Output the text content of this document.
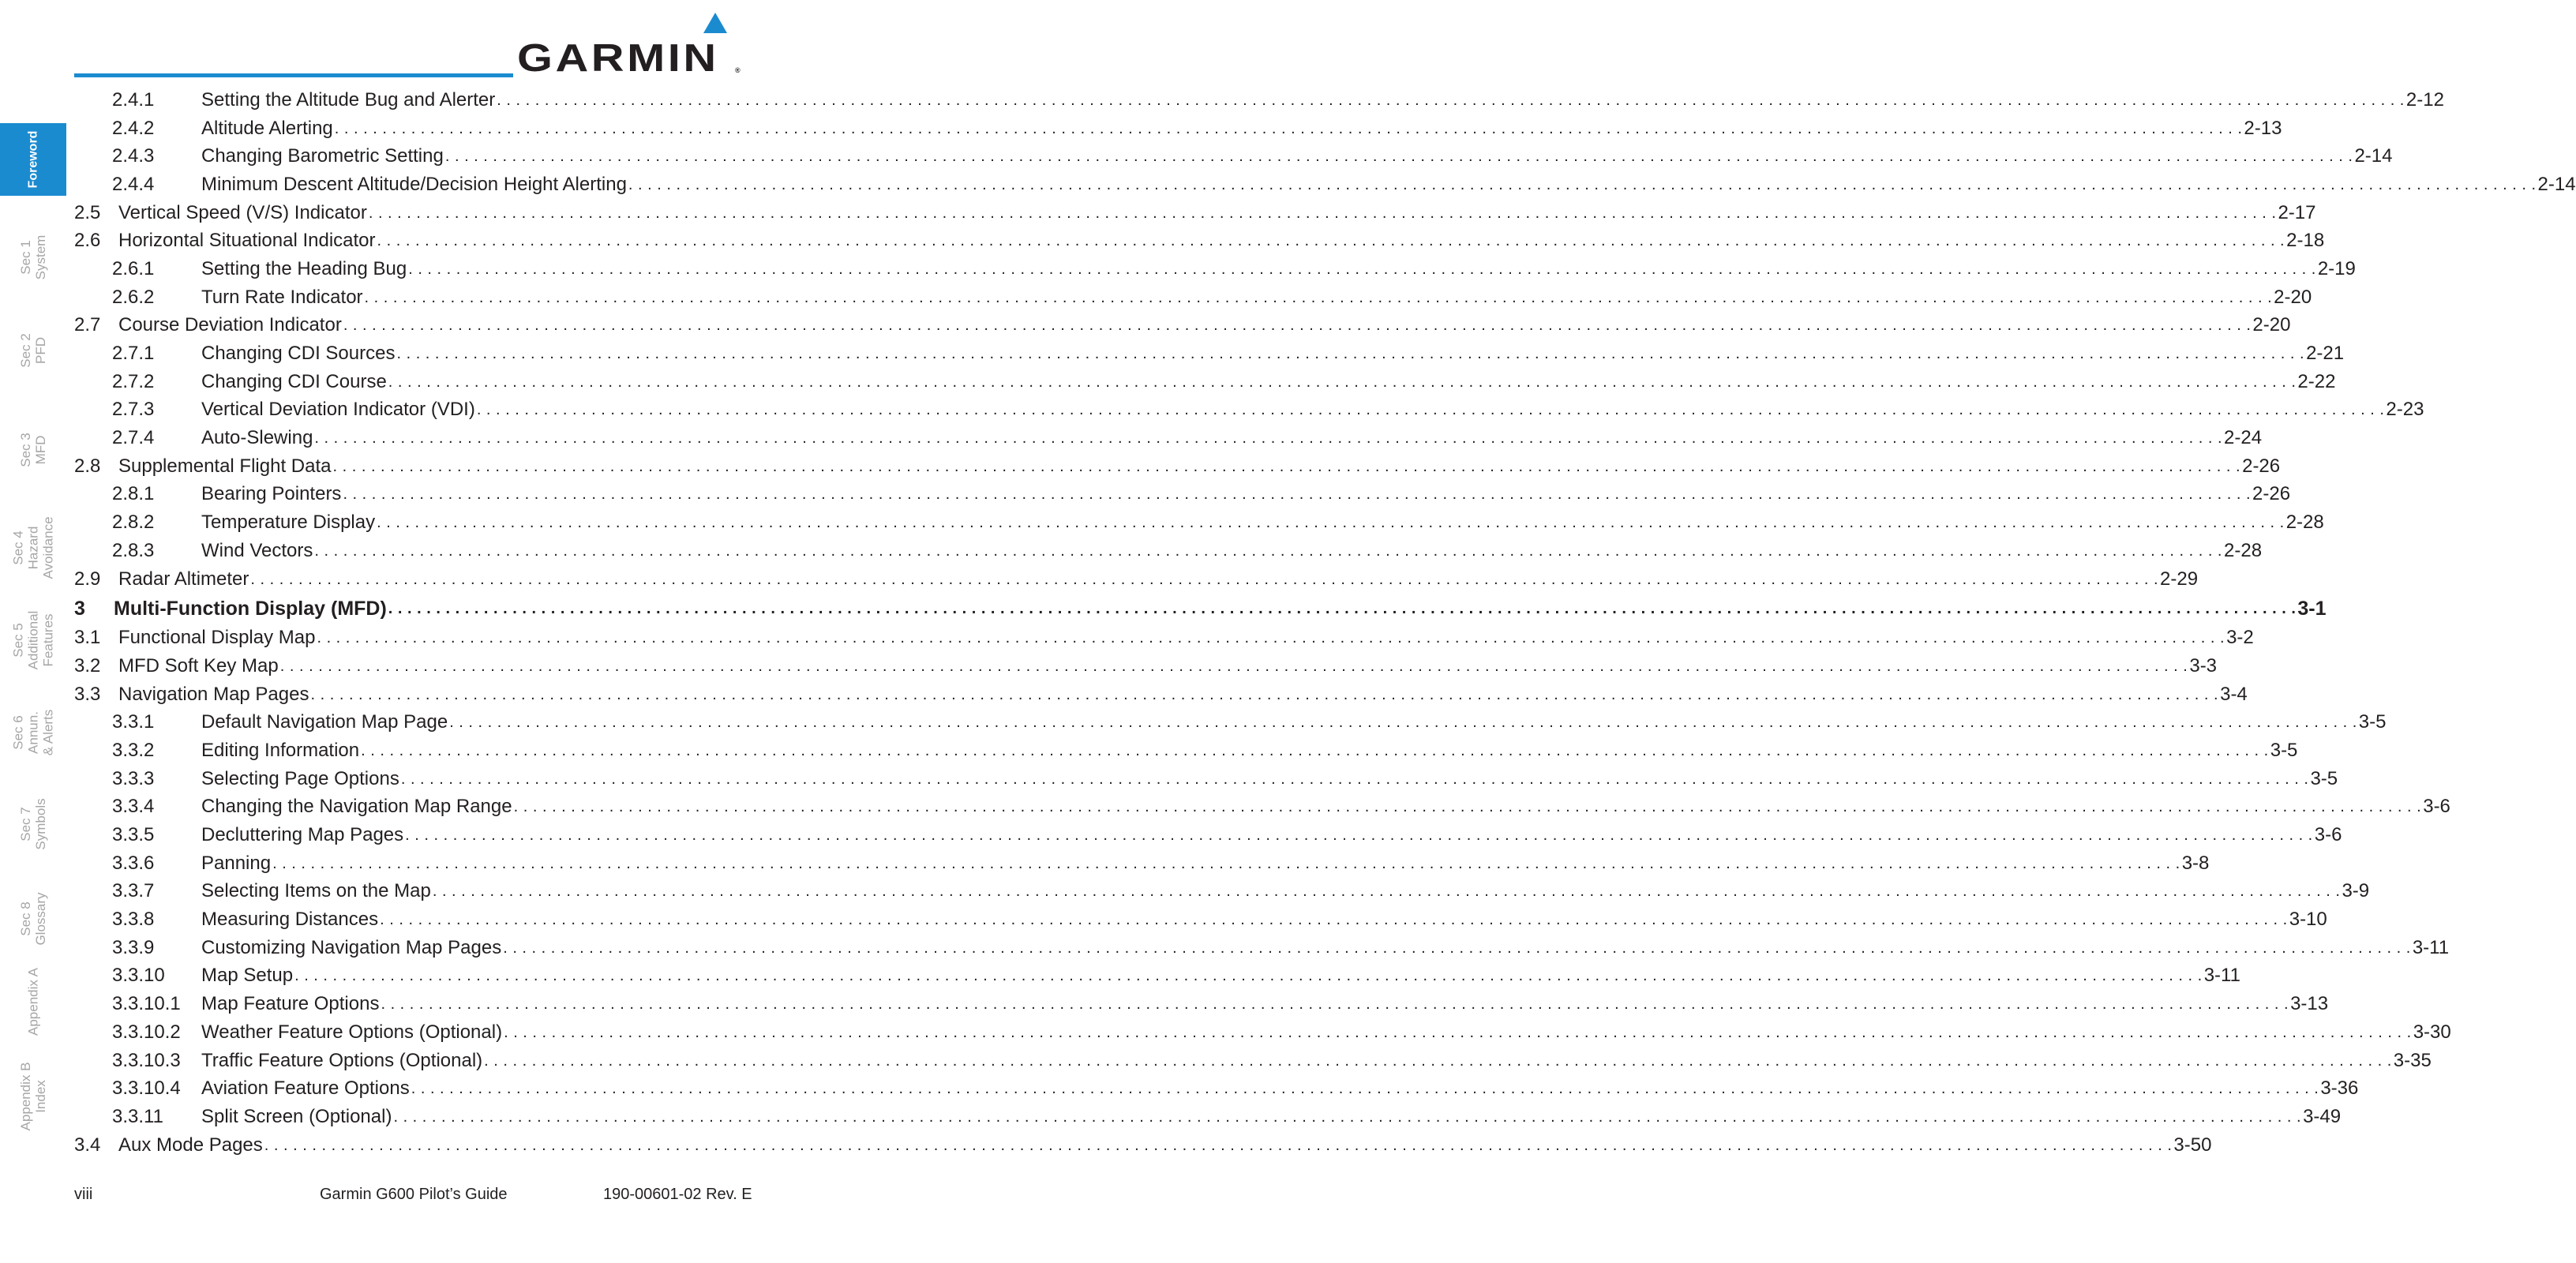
GARMIN ®
Foreword
Sec 1
System
Sec 2
PFD
Sec 3
MFD
Sec 4
Hazard
Avoidance
Sec 5
Additional
Features
Sec 6
Annun.
& Alerts
Sec 7
Symbols
Sec 8
Glossary
Appendix A
Appendix B
Index
2.4.1	Setting the Altitude Bug and Alerter . . . . . . . . . . . . . . . . . . . . . . . . . . . . . . . . . . . . . . . . . . . . . . . . . . . . . . . . . . . . . . . . . . . . . . . . . . . . . . . . . . . . . . . . . . . . . . . . . . . . . . . . . . . . . . . . . . . . . . . . . . . . . . . . . . . . . . . . . . . . . . . . . . . . . . . . . . . . . . . . . . . . . . . . . . . . . . . . . . . . . . . . . . . . . . . . . . . . . . . . 2-12
2.4.2	Altitude Alerting . . . . . . . . . . . . . . . . . . . . . . . . . . . . . . . . . . . . . . . . . . . . . . . . . . . . . . . . . . . . . . . . . . . . . . . . . . . . . . . . . . . . . . . . . . . . . . . . . . . . . . . . . . . . . . . . . . . . . . . . . . . . . . . . . . . . . . . . . . . . . . . . . . . . . . . . . . . . . . . . . . . . . . . . . . . . . . . . . . . . . . . . . . . . . . . . . . . . . . . . 2-13
2.4.3	Changing Barometric Setting . . . . . . . . . . . . . . . . . . . . . . . . . . . . . . . . . . . . . . . . . . . . . . . . . . . . . . . . . . . . . . . . . . . . . . . . . . . . . . . . . . . . . . . . . . . . . . . . . . . . . . . . . . . . . . . . . . . . . . . . . . . . . . . . . . . . . . . . . . . . . . . . . . . . . . . . . . . . . . . . . . . . . . . . . . . . . . . . . . . . . . . . . . . . . . . . . . . . . . . . 2-14
2.4.4	Minimum Descent Altitude/Decision Height Alerting . . . . . . . . . . . . . . . . . . . . . . . . . . . . . . . . . . . . . . . . . . . . . . . . . . . . . . . . . . . . . . . . . . . . . . . . . . . . . . . . . . . . . . . . . . . . . . . . . . . . . . . . . . . . . . . . . . . . . . . . . . . . . . . . . . . . . . . . . . . . . . . . . . . . . . . . . . . . . . . . . . . . . . . . . . . . . . . . . . . . . . . . . . . . . . . . . . . . . . . . 2-14
2.5 Vertical Speed (V/S) Indicator . . . . . . . . . . . . . . . . . . . . . . . . . . . . . . . . . . . . . . . . . . . . . . . . . . . . . . . . . . . . . . . . . . . . . . . . . . . . . . . . . . . . . . . . . . . . . . . . . . . . . . . . . . . . . . . . . . . . . . . . . . . . . . . . . . . . . . . . . . . . . . . . . . . . . . . . . . . . . . . . . . . . . . . . . . . . . . . . . . . . . . . . . . . . . . . . . . . . . . . . 2-17
2.6 Horizontal Situational Indicator . . . . . . . . . . . . . . . . . . . . . . . . . . . . . . . . . . . . . . . . . . . . . . . . . . . . . . . . . . . . . . . . . . . . . . . . . . . . . . . . . . . . . . . . . . . . . . . . . . . . . . . . . . . . . . . . . . . . . . . . . . . . . . . . . . . . . . . . . . . . . . . . . . . . . . . . . . . . . . . . . . . . . . . . . . . . . . . . . . . . . . . . . . . . . . . . . . . . . . . . 2-18
2.6.1	Setting the Heading Bug . . . . . . . . . . . . . . . . . . . . . . . . . . . . . . . . . . . . . . . . . . . . . . . . . . . . . . . . . . . . . . . . . . . . . . . . . . . . . . . . . . . . . . . . . . . . . . . . . . . . . . . . . . . . . . . . . . . . . . . . . . . . . . . . . . . . . . . . . . . . . . . . . . . . . . . . . . . . . . . . . . . . . . . . . . . . . . . . . . . . . . . . . . . . . . . . . . . . . . . . 2-19
2.6.2	Turn Rate Indicator . . . . . . . . . . . . . . . . . . . . . . . . . . . . . . . . . . . . . . . . . . . . . . . . . . . . . . . . . . . . . . . . . . . . . . . . . . . . . . . . . . . . . . . . . . . . . . . . . . . . . . . . . . . . . . . . . . . . . . . . . . . . . . . . . . . . . . . . . . . . . . . . . . . . . . . . . . . . . . . . . . . . . . . . . . . . . . . . . . . . . . . . . . . . . . . . . . . . . . . . 2-20
2.7 Course Deviation Indicator . . . . . . . . . . . . . . . . . . . . . . . . . . . . . . . . . . . . . . . . . . . . . . . . . . . . . . . . . . . . . . . . . . . . . . . . . . . . . . . . . . . . . . . . . . . . . . . . . . . . . . . . . . . . . . . . . . . . . . . . . . . . . . . . . . . . . . . . . . . . . . . . . . . . . . . . . . . . . . . . . . . . . . . . . . . . . . . . . . . . . . . . . . . . . . . . . . . . . . . . 2-20
2.7.1	Changing CDI Sources . . . . . . . . . . . . . . . . . . . . . . . . . . . . . . . . . . . . . . . . . . . . . . . . . . . . . . . . . . . . . . . . . . . . . . . . . . . . . . . . . . . . . . . . . . . . . . . . . . . . . . . . . . . . . . . . . . . . . . . . . . . . . . . . . . . . . . . . . . . . . . . . . . . . . . . . . . . . . . . . . . . . . . . . . . . . . . . . . . . . . . . . . . . . . . . . . . . . . . . . 2-21
2.7.2	Changing CDI Course . . . . . . . . . . . . . . . . . . . . . . . . . . . . . . . . . . . . . . . . . . . . . . . . . . . . . . . . . . . . . . . . . . . . . . . . . . . . . . . . . . . . . . . . . . . . . . . . . . . . . . . . . . . . . . . . . . . . . . . . . . . . . . . . . . . . . . . . . . . . . . . . . . . . . . . . . . . . . . . . . . . . . . . . . . . . . . . . . . . . . . . . . . . . . . . . . . . . . . . . 2-22
2.7.3	Vertical Deviation Indicator (VDI) . . . . . . . . . . . . . . . . . . . . . . . . . . . . . . . . . . . . . . . . . . . . . . . . . . . . . . . . . . . . . . . . . . . . . . . . . . . . . . . . . . . . . . . . . . . . . . . . . . . . . . . . . . . . . . . . . . . . . . . . . . . . . . . . . . . . . . . . . . . . . . . . . . . . . . . . . . . . . . . . . . . . . . . . . . . . . . . . . . . . . . . . . . . . . . . . . . . . . . . . 2-23
2.7.4	Auto-Slewing . . . . . . . . . . . . . . . . . . . . . . . . . . . . . . . . . . . . . . . . . . . . . . . . . . . . . . . . . . . . . . . . . . . . . . . . . . . . . . . . . . . . . . . . . . . . . . . . . . . . . . . . . . . . . . . . . . . . . . . . . . . . . . . . . . . . . . . . . . . . . . . . . . . . . . . . . . . . . . . . . . . . . . . . . . . . . . . . . . . . . . . . . . . . . . . . . . . . . . . . 2-24
2.8 Supplemental Flight Data . . . . . . . . . . . . . . . . . . . . . . . . . . . . . . . . . . . . . . . . . . . . . . . . . . . . . . . . . . . . . . . . . . . . . . . . . . . . . . . . . . . . . . . . . . . . . . . . . . . . . . . . . . . . . . . . . . . . . . . . . . . . . . . . . . . . . . . . . . . . . . . . . . . . . . . . . . . . . . . . . . . . . . . . . . . . . . . . . . . . . . . . . . . . . . . . . . . . . . . . 2-26
2.8.1	Bearing Pointers . . . . . . . . . . . . . . . . . . . . . . . . . . . . . . . . . . . . . . . . . . . . . . . . . . . . . . . . . . . . . . . . . . . . . . . . . . . . . . . . . . . . . . . . . . . . . . . . . . . . . . . . . . . . . . . . . . . . . . . . . . . . . . . . . . . . . . . . . . . . . . . . . . . . . . . . . . . . . . . . . . . . . . . . . . . . . . . . . . . . . . . . . . . . . . . . . . . . . . . . 2-26
2.8.2	Temperature Display . . . . . . . . . . . . . . . . . . . . . . . . . . . . . . . . . . . . . . . . . . . . . . . . . . . . . . . . . . . . . . . . . . . . . . . . . . . . . . . . . . . . . . . . . . . . . . . . . . . . . . . . . . . . . . . . . . . . . . . . . . . . . . . . . . . . . . . . . . . . . . . . . . . . . . . . . . . . . . . . . . . . . . . . . . . . . . . . . . . . . . . . . . . . . . . . . . . . . . . . 2-28
2.8.3	Wind Vectors . . . . . . . . . . . . . . . . . . . . . . . . . . . . . . . . . . . . . . . . . . . . . . . . . . . . . . . . . . . . . . . . . . . . . . . . . . . . . . . . . . . . . . . . . . . . . . . . . . . . . . . . . . . . . . . . . . . . . . . . . . . . . . . . . . . . . . . . . . . . . . . . . . . . . . . . . . . . . . . . . . . . . . . . . . . . . . . . . . . . . . . . . . . . . . . . . . . . . . . . 2-28
2.9 Radar Altimeter . . . . . . . . . . . . . . . . . . . . . . . . . . . . . . . . . . . . . . . . . . . . . . . . . . . . . . . . . . . . . . . . . . . . . . . . . . . . . . . . . . . . . . . . . . . . . . . . . . . . . . . . . . . . . . . . . . . . . . . . . . . . . . . . . . . . . . . . . . . . . . . . . . . . . . . . . . . . . . . . . . . . . . . . . . . . . . . . . . . . . . . . . . . . . . . . . . . . . . . . 2-29
3	Multi-Function Display (MFD) . . . . . . . . . . . . . . . . . . . . . . . . . . . . . . . . . . . . . . . . . . . . . . . . . . . . . . . . . . . . . . . . . . . . . . . . . . . . . . . . . . . . . . . . . . . . . . . . . . . . . . . . . . . . . . . . . . . . . . . . . . . . . . . . . . . . . . . . . . . . . . . . . . . . . . . . . . . . . . . . . . . . . . . . . . . . . . . . . . . . . . . . . . . . . . . . . . . . . . . . 3-1
3.1 Functional Display Map . . . . . . . . . . . . . . . . . . . . . . . . . . . . . . . . . . . . . . . . . . . . . . . . . . . . . . . . . . . . . . . . . . . . . . . . . . . . . . . . . . . . . . . . . . . . . . . . . . . . . . . . . . . . . . . . . . . . . . . . . . . . . . . . . . . . . . . . . . . . . . . . . . . . . . . . . . . . . . . . . . . . . . . . . . . . . . . . . . . . . . . . . . . . . . . . . . . . . . . . 3-2
3.2 MFD Soft Key Map . . . . . . . . . . . . . . . . . . . . . . . . . . . . . . . . . . . . . . . . . . . . . . . . . . . . . . . . . . . . . . . . . . . . . . . . . . . . . . . . . . . . . . . . . . . . . . . . . . . . . . . . . . . . . . . . . . . . . . . . . . . . . . . . . . . . . . . . . . . . . . . . . . . . . . . . . . . . . . . . . . . . . . . . . . . . . . . . . . . . . . . . . . . . . . . . . . . . . . . . 3-3
3.3 Navigation Map Pages . . . . . . . . . . . . . . . . . . . . . . . . . . . . . . . . . . . . . . . . . . . . . . . . . . . . . . . . . . . . . . . . . . . . . . . . . . . . . . . . . . . . . . . . . . . . . . . . . . . . . . . . . . . . . . . . . . . . . . . . . . . . . . . . . . . . . . . . . . . . . . . . . . . . . . . . . . . . . . . . . . . . . . . . . . . . . . . . . . . . . . . . . . . . . . . . . . . . . . . . 3-4
3.3.1	Default Navigation Map Page . . . . . . . . . . . . . . . . . . . . . . . . . . . . . . . . . . . . . . . . . . . . . . . . . . . . . . . . . . . . . . . . . . . . . . . . . . . . . . . . . . . . . . . . . . . . . . . . . . . . . . . . . . . . . . . . . . . . . . . . . . . . . . . . . . . . . . . . . . . . . . . . . . . . . . . . . . . . . . . . . . . . . . . . . . . . . . . . . . . . . . . . . . . . . . . . . . . . . . . . 3-5
3.3.2	Editing Information . . . . . . . . . . . . . . . . . . . . . . . . . . . . . . . . . . . . . . . . . . . . . . . . . . . . . . . . . . . . . . . . . . . . . . . . . . . . . . . . . . . . . . . . . . . . . . . . . . . . . . . . . . . . . . . . . . . . . . . . . . . . . . . . . . . . . . . . . . . . . . . . . . . . . . . . . . . . . . . . . . . . . . . . . . . . . . . . . . . . . . . . . . . . . . . . . . . . . . . . 3-5
3.3.3	Selecting Page Options . . . . . . . . . . . . . . . . . . . . . . . . . . . . . . . . . . . . . . . . . . . . . . . . . . . . . . . . . . . . . . . . . . . . . . . . . . . . . . . . . . . . . . . . . . . . . . . . . . . . . . . . . . . . . . . . . . . . . . . . . . . . . . . . . . . . . . . . . . . . . . . . . . . . . . . . . . . . . . . . . . . . . . . . . . . . . . . . . . . . . . . . . . . . . . . . . . . . . . . . 3-5
3.3.4	Changing the Navigation Map Range . . . . . . . . . . . . . . . . . . . . . . . . . . . . . . . . . . . . . . . . . . . . . . . . . . . . . . . . . . . . . . . . . . . . . . . . . . . . . . . . . . . . . . . . . . . . . . . . . . . . . . . . . . . . . . . . . . . . . . . . . . . . . . . . . . . . . . . . . . . . . . . . . . . . . . . . . . . . . . . . . . . . . . . . . . . . . . . . . . . . . . . . . . . . . . . . . . . . . . . . 3-6
3.3.5	Decluttering Map Pages . . . . . . . . . . . . . . . . . . . . . . . . . . . . . . . . . . . . . . . . . . . . . . . . . . . . . . . . . . . . . . . . . . . . . . . . . . . . . . . . . . . . . . . . . . . . . . . . . . . . . . . . . . . . . . . . . . . . . . . . . . . . . . . . . . . . . . . . . . . . . . . . . . . . . . . . . . . . . . . . . . . . . . . . . . . . . . . . . . . . . . . . . . . . . . . . . . . . . . . . 3-6
3.3.6	Panning . . . . . . . . . . . . . . . . . . . . . . . . . . . . . . . . . . . . . . . . . . . . . . . . . . . . . . . . . . . . . . . . . . . . . . . . . . . . . . . . . . . . . . . . . . . . . . . . . . . . . . . . . . . . . . . . . . . . . . . . . . . . . . . . . . . . . . . . . . . . . . . . . . . . . . . . . . . . . . . . . . . . . . . . . . . . . . . . . . . . . . . . . . . . . . . . . . . . . . . . 3-8
3.3.7	Selecting Items on the Map . . . . . . . . . . . . . . . . . . . . . . . . . . . . . . . . . . . . . . . . . . . . . . . . . . . . . . . . . . . . . . . . . . . . . . . . . . . . . . . . . . . . . . . . . . . . . . . . . . . . . . . . . . . . . . . . . . . . . . . . . . . . . . . . . . . . . . . . . . . . . . . . . . . . . . . . . . . . . . . . . . . . . . . . . . . . . . . . . . . . . . . . . . . . . . . . . . . . . . . . 3-9
3.3.8	Measuring Distances . . . . . . . . . . . . . . . . . . . . . . . . . . . . . . . . . . . . . . . . . . . . . . . . . . . . . . . . . . . . . . . . . . . . . . . . . . . . . . . . . . . . . . . . . . . . . . . . . . . . . . . . . . . . . . . . . . . . . . . . . . . . . . . . . . . . . . . . . . . . . . . . . . . . . . . . . . . . . . . . . . . . . . . . . . . . . . . . . . . . . . . . . . . . . . . . . . . . . . . . 3-10
3.3.9	Customizing Navigation Map Pages . . . . . . . . . . . . . . . . . . . . . . . . . . . . . . . . . . . . . . . . . . . . . . . . . . . . . . . . . . . . . . . . . . . . . . . . . . . . . . . . . . . . . . . . . . . . . . . . . . . . . . . . . . . . . . . . . . . . . . . . . . . . . . . . . . . . . . . . . . . . . . . . . . . . . . . . . . . . . . . . . . . . . . . . . . . . . . . . . . . . . . . . . . . . . . . . . . . . . . . . 3-11
3.3.10	Map Setup . . . . . . . . . . . . . . . . . . . . . . . . . . . . . . . . . . . . . . . . . . . . . . . . . . . . . . . . . . . . . . . . . . . . . . . . . . . . . . . . . . . . . . . . . . . . . . . . . . . . . . . . . . . . . . . . . . . . . . . . . . . . . . . . . . . . . . . . . . . . . . . . . . . . . . . . . . . . . . . . . . . . . . . . . . . . . . . . . . . . . . . . . . . . . . . . . . . . . . . . 3-11
3.3.10.1	Map Feature Options . . . . . . . . . . . . . . . . . . . . . . . . . . . . . . . . . . . . . . . . . . . . . . . . . . . . . . . . . . . . . . . . . . . . . . . . . . . . . . . . . . . . . . . . . . . . . . . . . . . . . . . . . . . . . . . . . . . . . . . . . . . . . . . . . . . . . . . . . . . . . . . . . . . . . . . . . . . . . . . . . . . . . . . . . . . . . . . . . . . . . . . . . . . . . . . . . . . . . . . . 3-13
3.3.10.2	Weather Feature Options (Optional) . . . . . . . . . . . . . . . . . . . . . . . . . . . . . . . . . . . . . . . . . . . . . . . . . . . . . . . . . . . . . . . . . . . . . . . . . . . . . . . . . . . . . . . . . . . . . . . . . . . . . . . . . . . . . . . . . . . . . . . . . . . . . . . . . . . . . . . . . . . . . . . . . . . . . . . . . . . . . . . . . . . . . . . . . . . . . . . . . . . . . . . . . . . . . . . . . . . . . . . . 3-30
3.3.10.3	Traffic Feature Options (Optional) . . . . . . . . . . . . . . . . . . . . . . . . . . . . . . . . . . . . . . . . . . . . . . . . . . . . . . . . . . . . . . . . . . . . . . . . . . . . . . . . . . . . . . . . . . . . . . . . . . . . . . . . . . . . . . . . . . . . . . . . . . . . . . . . . . . . . . . . . . . . . . . . . . . . . . . . . . . . . . . . . . . . . . . . . . . . . . . . . . . . . . . . . . . . . . . . . . . . . . . . 3-35
3.3.10.4	Aviation Feature Options . . . . . . . . . . . . . . . . . . . . . . . . . . . . . . . . . . . . . . . . . . . . . . . . . . . . . . . . . . . . . . . . . . . . . . . . . . . . . . . . . . . . . . . . . . . . . . . . . . . . . . . . . . . . . . . . . . . . . . . . . . . . . . . . . . . . . . . . . . . . . . . . . . . . . . . . . . . . . . . . . . . . . . . . . . . . . . . . . . . . . . . . . . . . . . . . . . . . . . . . 3-36
3.3.11	Split Screen (Optional) . . . . . . . . . . . . . . . . . . . . . . . . . . . . . . . . . . . . . . . . . . . . . . . . . . . . . . . . . . . . . . . . . . . . . . . . . . . . . . . . . . . . . . . . . . . . . . . . . . . . . . . . . . . . . . . . . . . . . . . . . . . . . . . . . . . . . . . . . . . . . . . . . . . . . . . . . . . . . . . . . . . . . . . . . . . . . . . . . . . . . . . . . . . . . . . . . . . . . . . . 3-49
3.4 Aux Mode Pages . . . . . . . . . . . . . . . . . . . . . . . . . . . . . . . . . . . . . . . . . . . . . . . . . . . . . . . . . . . . . . . . . . . . . . . . . . . . . . . . . . . . . . . . . . . . . . . . . . . . . . . . . . . . . . . . . . . . . . . . . . . . . . . . . . . . . . . . . . . . . . . . . . . . . . . . . . . . . . . . . . . . . . . . . . . . . . . . . . . . . . . . . . . . . . . . . . . . . . . . 3-50
viii	Garmin G600 Pilot’s Guide	190-00601-02 Rev. E
